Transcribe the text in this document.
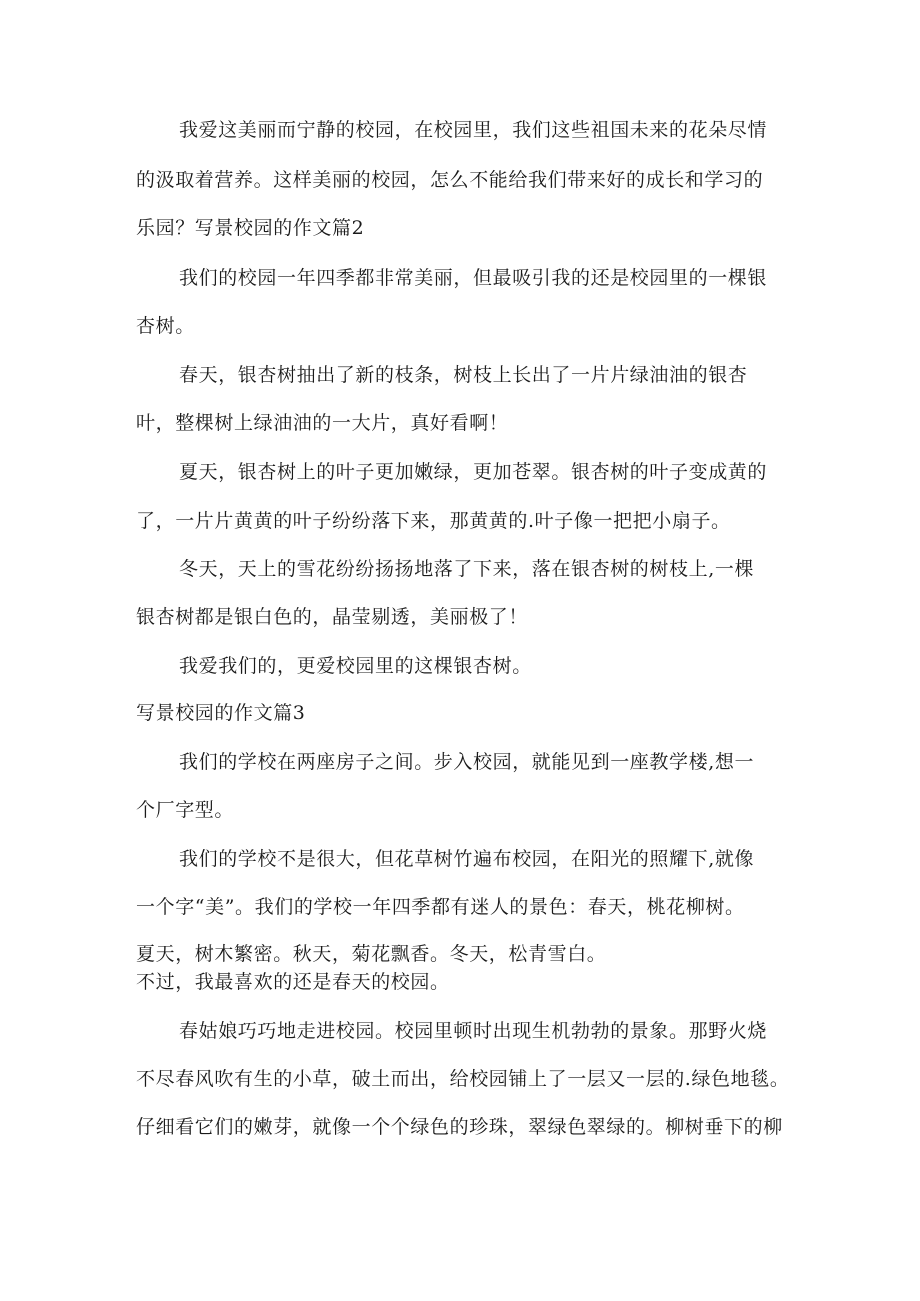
我爱这美丽而宁静的校园，在校园里，我们这些祖国未来的花朵尽情
的汲取着营养。这样美丽的校园，怎么不能给我们带来好的成长和学习的
乐园？写景校园的作文篇2
我们的校园一年四季都非常美丽，但最吸引我的还是校园里的一棵银
杏树。
春天，银杏树抽出了新的枝条，树枝上长出了一片片绿油油的银杏
叶，整棵树上绿油油的一大片，真好看啊！
夏天，银杏树上的叶子更加嫩绿，更加苍翠。银杏树的叶子变成黄的
了，一片片黄黄的叶子纷纷落下来，那黄黄的.叶子像一把把小扇子。
冬天，天上的雪花纷纷扬扬地落了下来，落在银杏树的树枝上,一棵
银杏树都是银白色的，晶莹剔透，美丽极了！
我爱我们的，更爱校园里的这棵银杏树。
写景校园的作文篇3
我们的学校在两座房子之间。步入校园，就能见到一座教学楼,想一
个厂字型。
我们的学校不是很大，但花草树竹遍布校园，在阳光的照耀下,就像
一个字“美”。我们的学校一年四季都有迷人的景色：春天，桃花柳树。
夏天，树木繁密。秋天，菊花飘香。冬天，松青雪白。
不过，我最喜欢的还是春天的校园。
春姑娘巧巧地走进校园。校园里顿时出现生机勃勃的景象。那野火烧
不尽春风吹有生的小草，破土而出，给校园铺上了一层又一层的.绿色地毯。
仔细看它们的嫩芽，就像一个个绿色的珍珠，翠绿色翠绿的。柳树垂下的柳
